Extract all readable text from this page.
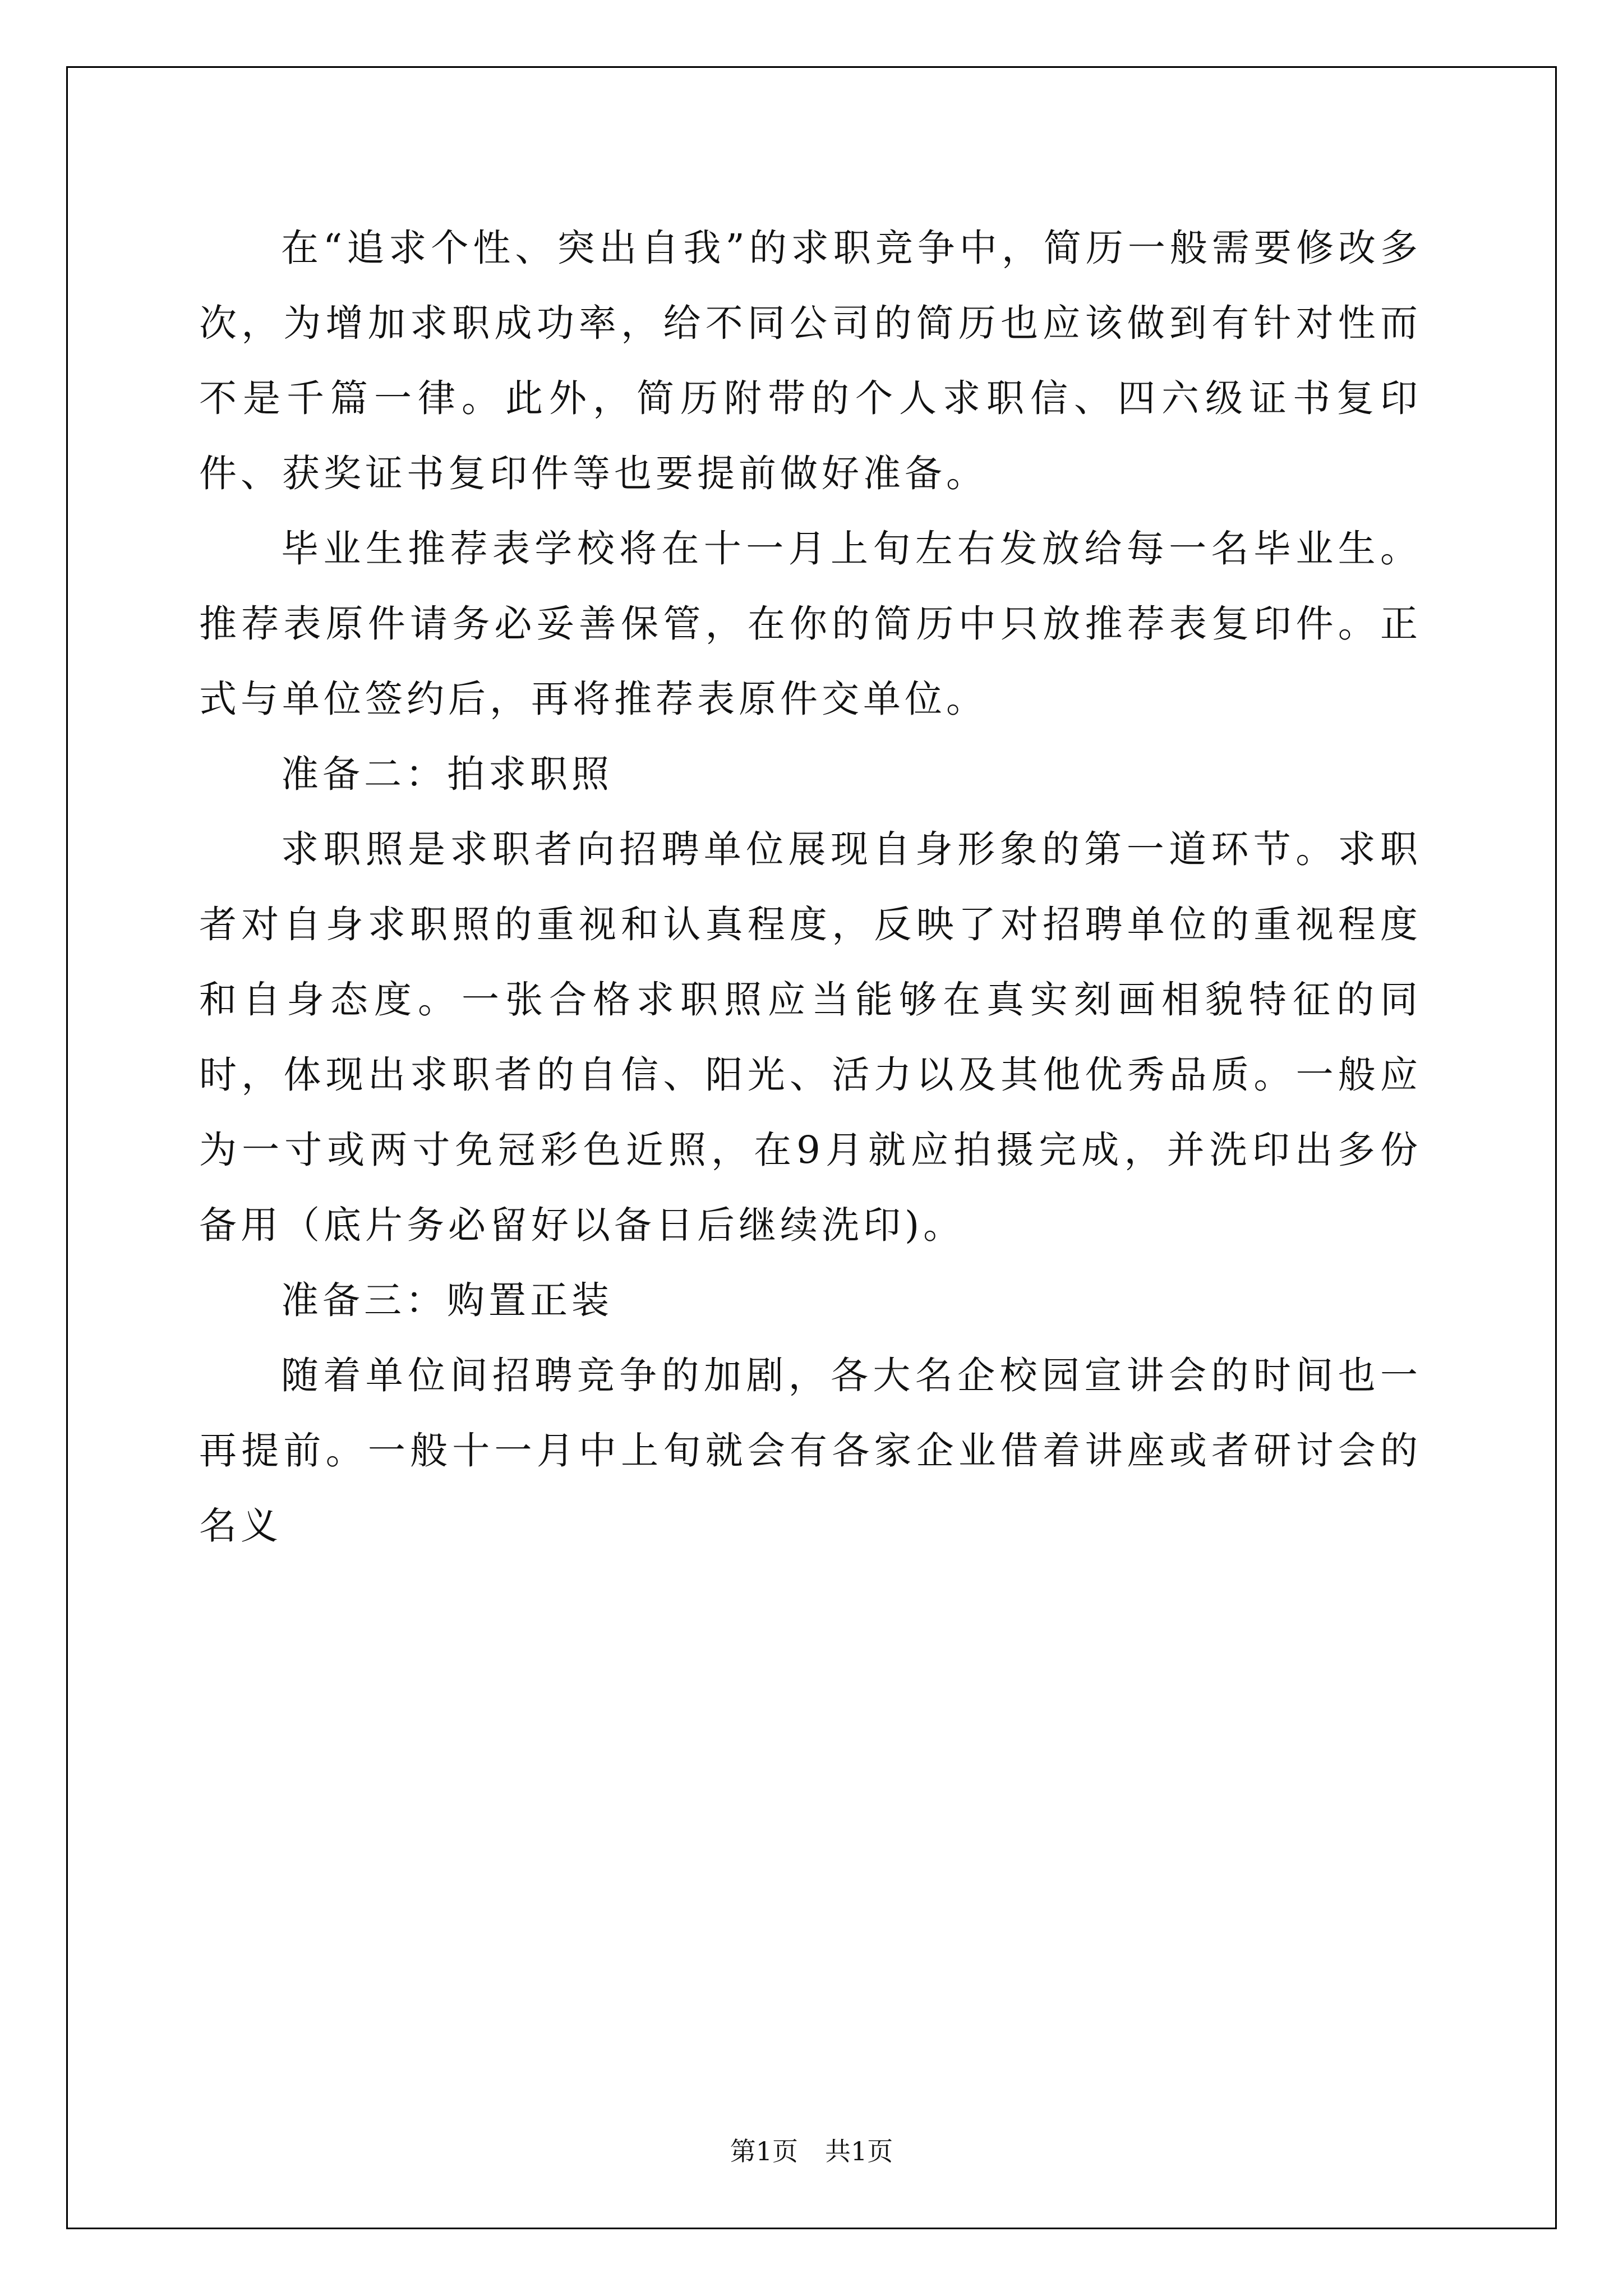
在“追求个性、突出自我”的求职竞争中，简历一般需要修改多次，为增加求职成功率，给不同公司的简历也应该做到有针对性而不是千篇一律。此外，简历附带的个人求职信、四六级证书复印件、获奖证书复印件等也要提前做好准备。

毕业生推荐表学校将在十一月上旬左右发放给每一名毕业生。推荐表原件请务必妥善保管，在你的简历中只放推荐表复印件。正式与单位签约后，再将推荐表原件交单位。

准备二：拍求职照

求职照是求职者向招聘单位展现自身形象的第一道环节。求职者对自身求职照的重视和认真程度，反映了对招聘单位的重视程度和自身态度。一张合格求职照应当能够在真实刻画相貌特征的同时，体现出求职者的自信、阳光、活力以及其他优秀品质。一般应为一寸或两寸免冠彩色近照，在9月就应拍摄完成，并洗印出多份备用（底片务必留好以备日后继续洗印)。

准备三：购置正装

随着单位间招聘竞争的加剧，各大名企校园宣讲会的时间也一再提前。一般十一月中上旬就会有各家企业借着讲座或者研讨会的名义

第1页 共1页
